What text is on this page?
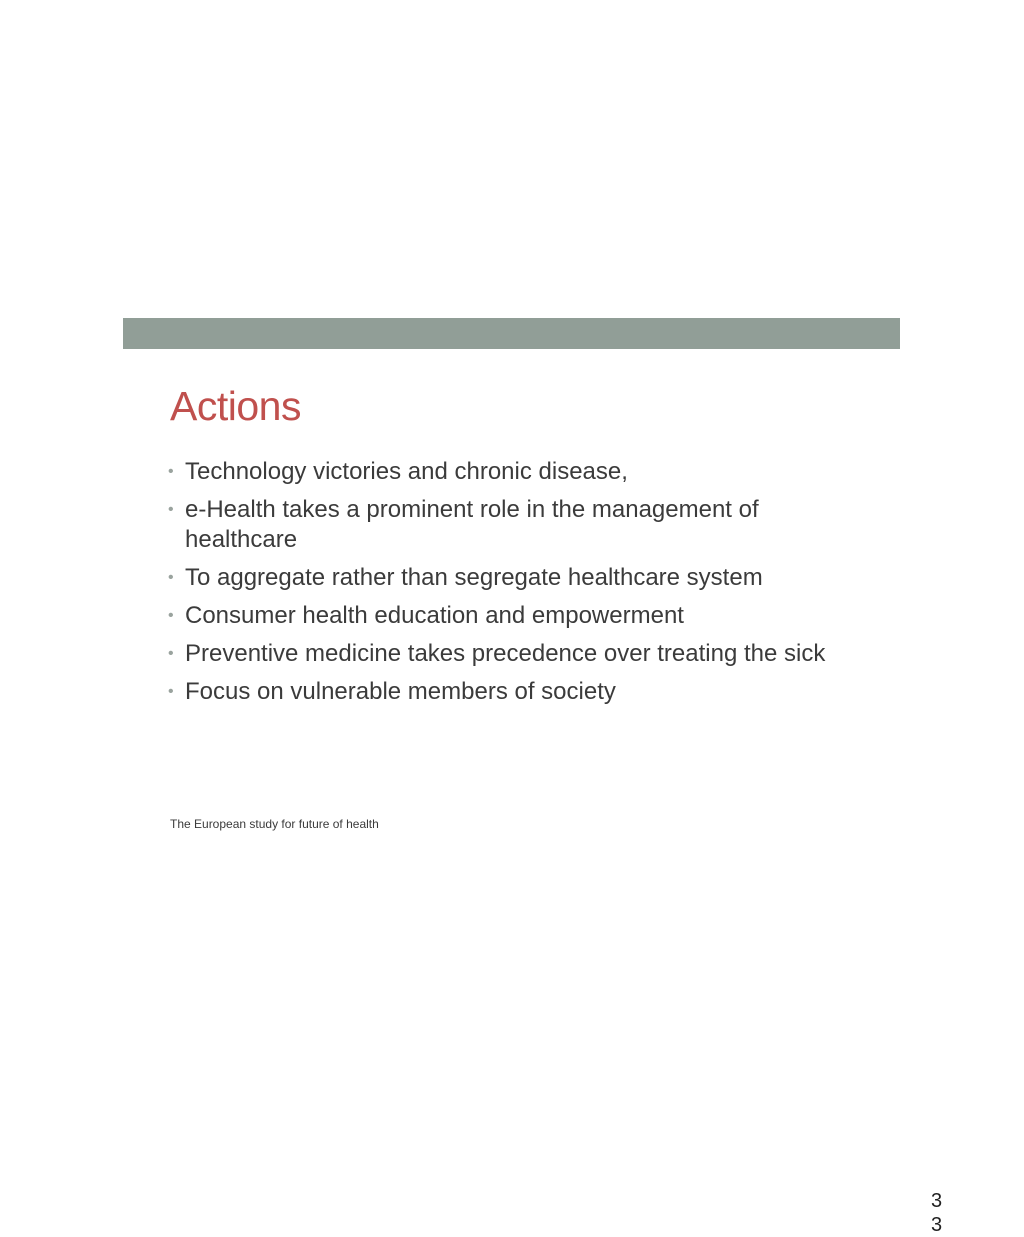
Actions
• Technology victories and chronic disease,
• e-Health takes a prominent role in the management of healthcare
• To aggregate rather than segregate healthcare system
• Consumer health education and empowerment
• Preventive medicine takes precedence over treating the sick
• Focus on vulnerable members of society

The European study for future of health

33
